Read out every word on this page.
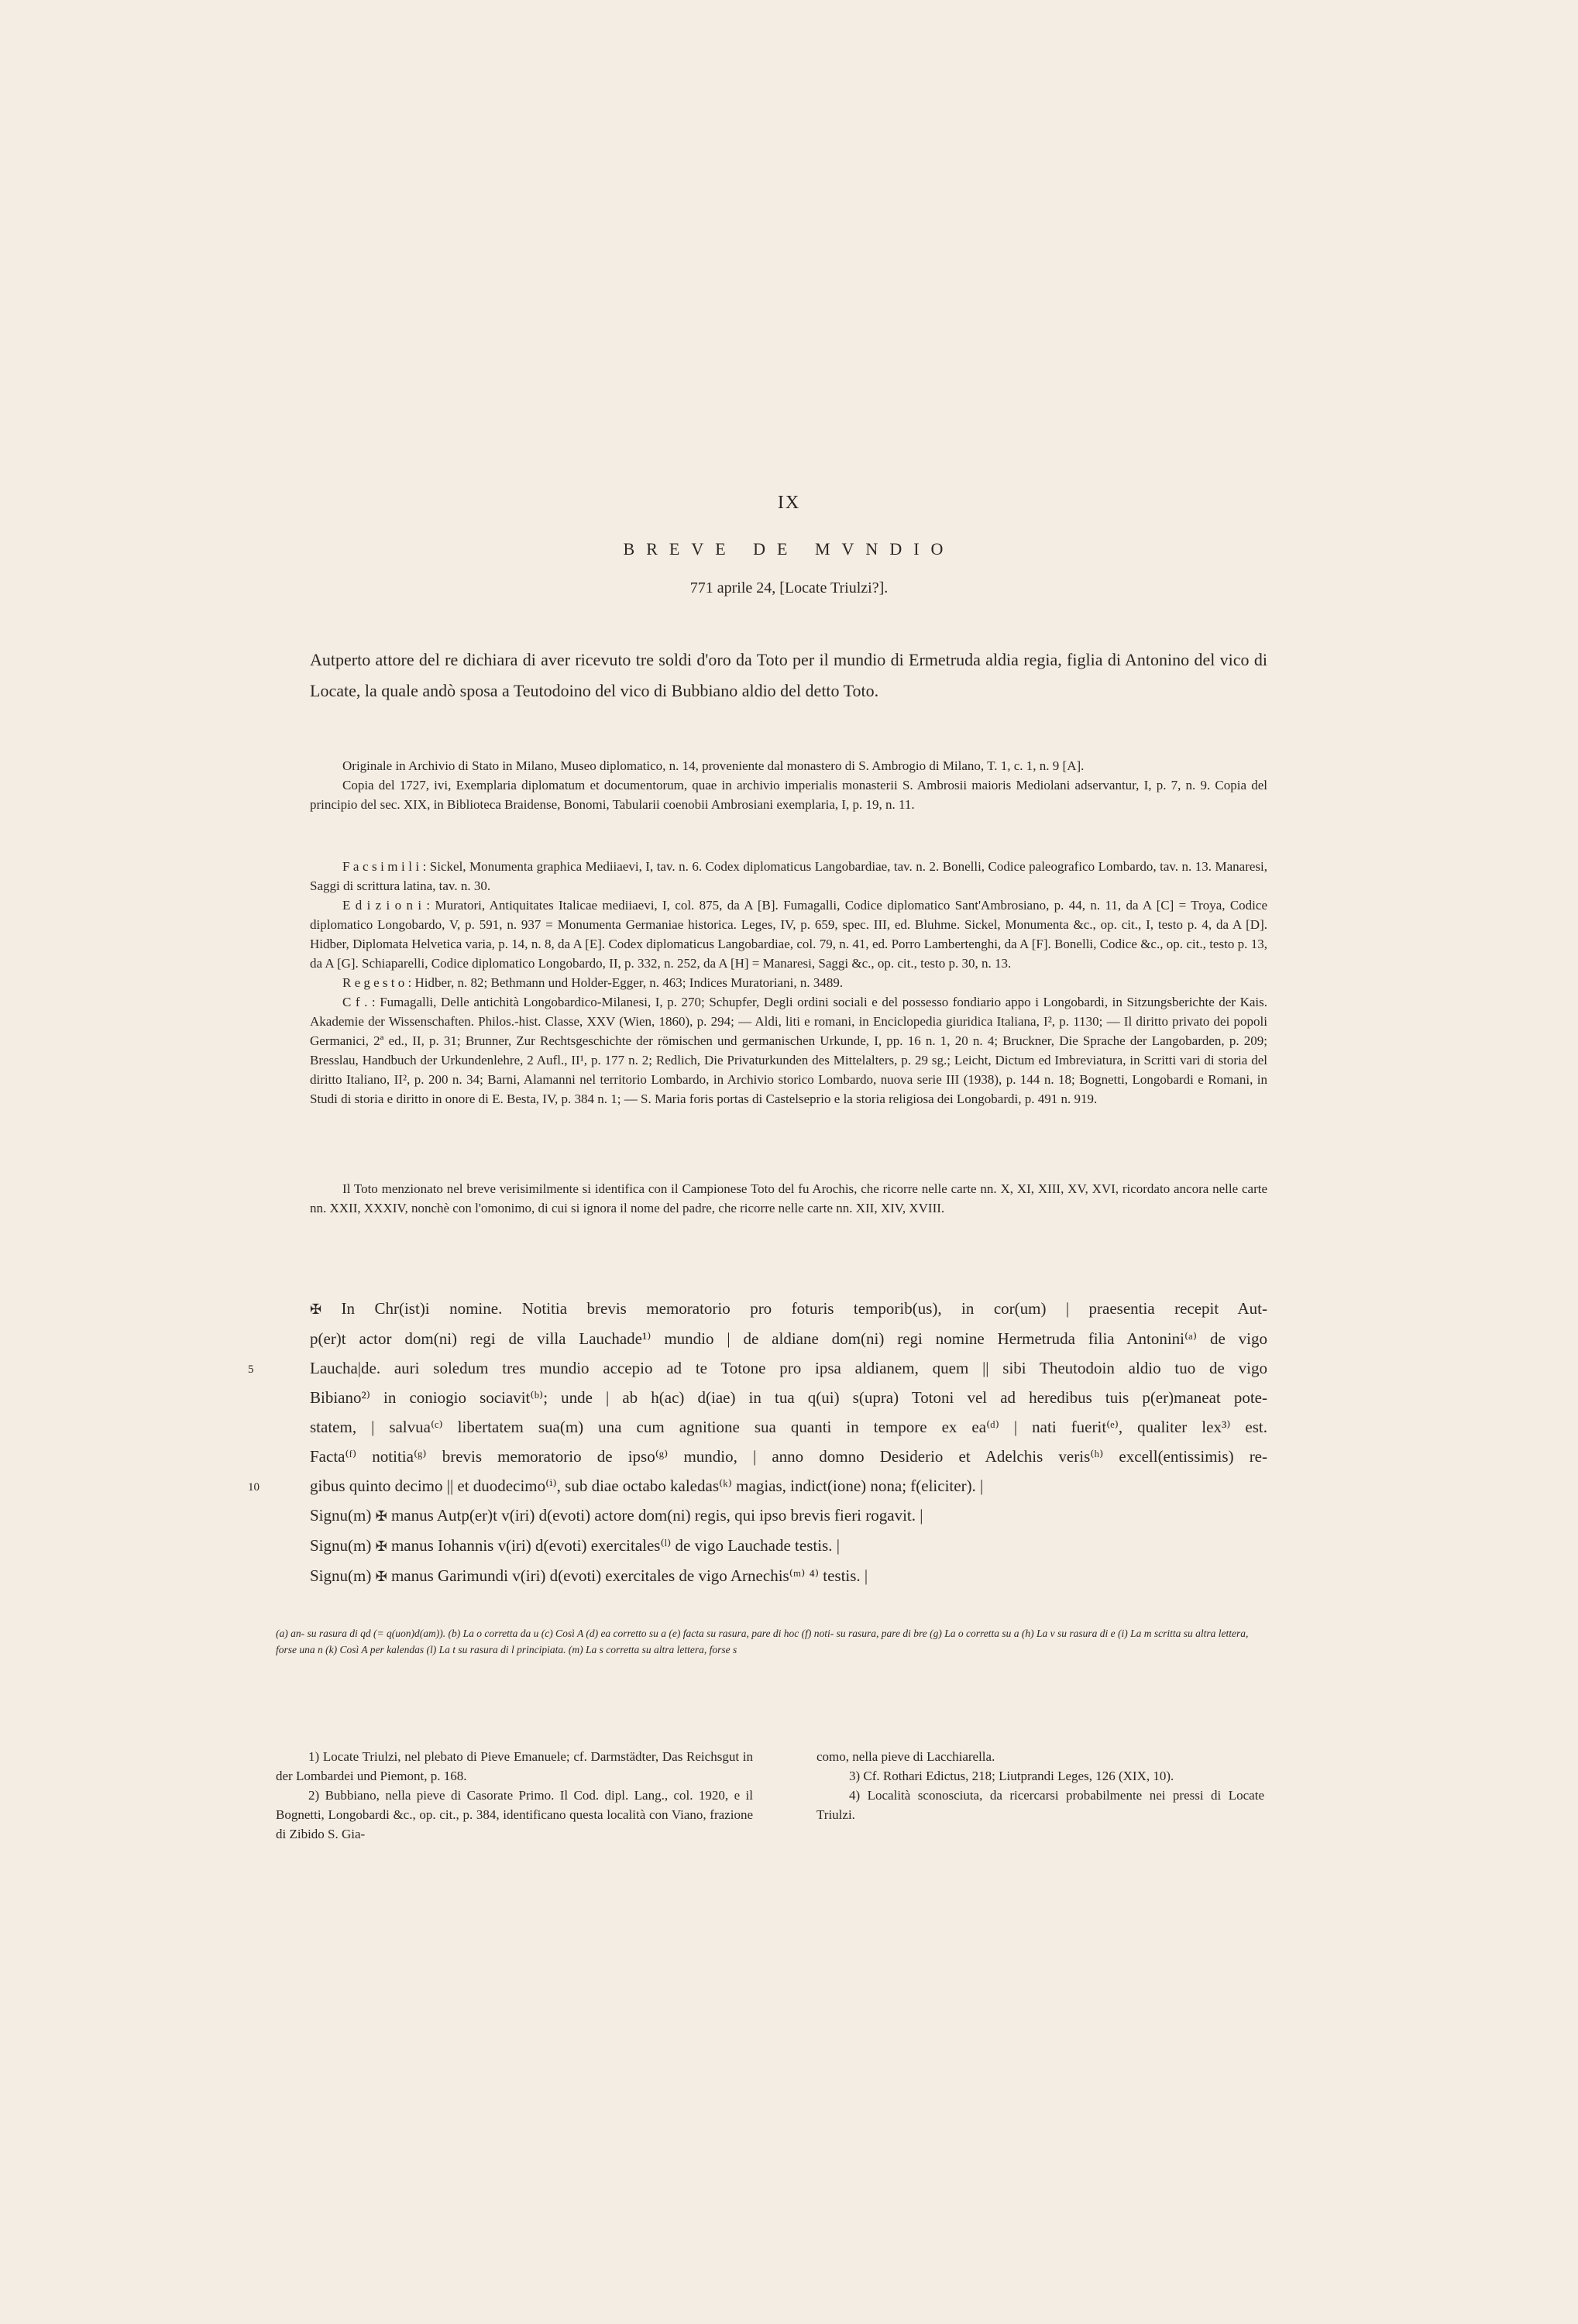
IX
BREVE DE MVNDIO
771 aprile 24, [Locate Triulzi?].
Autperto attore del re dichiara di aver ricevuto tre soldi d'oro da Toto per il mundio di Ermetruda aldia regia, figlia di Antonino del vico di Locate, la quale andò sposa a Teutodoino del vico di Bubbiano aldio del detto Toto.

Originale in Archivio di Stato in Milano, Museo diplomatico, n. 14, proveniente dal monastero di S. Ambrogio di Milano, T. 1, c. 1, n. 9 [A].

Copia del 1727, ivi, Exemplaria diplomatum et documentorum, quae in archivio imperialis monasterii S. Ambrosii maioris Mediolani adservantur, I, p. 7, n. 9. Copia del principio del sec. XIX, in Biblioteca Braidense, Bonomi, Tabularii coenobii Ambrosiani exemplaria, I, p. 19, n. 11.

F a c s i m i l i : Sickel, Monumenta graphica Mediiaevi, I, tav. n. 6. Codex diplomaticus Langobardiae, tav. n. 2. Bonelli, Codice paleografico Lombardo, tav. n. 13. Manaresi, Saggi di scrittura latina, tav. n. 30.

E d i z i o n i : Muratori, Antiquitates Italicae mediiaevi, I, col. 875, da A [B]. Fumagalli, Codice diplomatico Sant'Ambrosiano, p. 44, n. 11, da A [C] = Troya, Codice diplomatico Longobardo, V, p. 591, n. 937 = Monumenta Germaniae historica. Leges, IV, p. 659, spec. III, ed. Bluhme. Sickel, Monumenta &c., op. cit., I, testo p. 4, da A [D]. Hidber, Diplomata Helvetica varia, p. 14, n. 8, da A [E]. Codex diplomaticus Langobardiae, col. 79, n. 41, ed. Porro Lambertenghi, da A [F]. Bonelli, Codice &c., op. cit., testo p. 13, da A [G]. Schiaparelli, Codice diplomatico Longobardo, II, p. 332, n. 252, da A [H] = Manaresi, Saggi &c., op. cit., testo p. 30, n. 13.

R e g e s t o : Hidber, n. 82; Bethmann und Holder-Egger, n. 463; Indices Muratoriani, n. 3489.

C f . : Fumagalli, Delle antichità Longobardico-Milanesi, I, p. 270; Schupfer, Degli ordini sociali e del possesso fondiario appo i Longobardi, in Sitzungsberichte der Kais. Akademie der Wissenschaften. Philos.-hist. Classe, XXV (Wien, 1860), p. 294; — Aldi, liti e romani, in Enciclopedia giuridica Italiana, I², p. 1130; — Il diritto privato dei popoli Germanici, 2ª ed., II, p. 31; Brunner, Zur Rechtsgeschichte der römischen und germanischen Urkunde, I, pp. 16 n. 1, 20 n. 4; Bruckner, Die Sprache der Langobarden, p. 209; Bresslau, Handbuch der Urkundenlehre, 2 Aufl., II¹, p. 177 n. 2; Redlich, Die Privaturkunden des Mittelalters, p. 29 sg.; Leicht, Dictum ed Imbreviatura, in Scritti vari di storia del diritto Italiano, II², p. 200 n. 34; Barni, Alamanni nel territorio Lombardo, in Archivio storico Lombardo, nuova serie III (1938), p. 144 n. 18; Bognetti, Longobardi e Romani, in Studi di storia e diritto in onore di E. Besta, IV, p. 384 n. 1; — S. Maria foris portas di Castelseprio e la storia religiosa dei Longobardi, p. 491 n. 919.

Il Toto menzionato nel breve verisimilmente si identifica con il Campionese Toto del fu Arochis, che ricorre nelle carte nn. X, XI, XIII, XV, XVI, ricordato ancora nelle carte nn. XXII, XXXIV, nonchè con l'omonimo, di cui si ignora il nome del padre, che ricorre nelle carte nn. XII, XIV, XVIII.

✠ In Chr(ist)i nomine. Notitia brevis memoratorio pro foturis temporib(us), in cor(um) | praesentia recepit Aut-
p(er)t actor dom(ni) regi de villa Lauchade¹⁾ mundio | de aldiane dom(ni) regi nomine Hermetruda filia Antonini⁽ᵃ⁾ de vigo
5	Laucha|de. auri soledum tres mundio accepio ad te Totone pro ipsa aldianem, quem || sibi Theutodoin aldio tuo de vigo
Bibiano²⁾ in coniogio sociavit⁽ᵇ⁾; unde | ab h(ac) d(iae) in tua q(ui) s(upra) Totoni vel ad heredibus tuis p(er)maneat pote-
statem, | salvua⁽ᶜ⁾ libertatem sua(m) una cum agnitione sua quanti in tempore ex ea⁽ᵈ⁾ | nati fuerit⁽ᵉ⁾, qualiter lex³⁾ est.
Facta⁽ᶠ⁾ notitia⁽ᵍ⁾ brevis memoratorio de ipso⁽ᵍ⁾ mundio, | anno domno Desiderio et Adelchis veris⁽ʰ⁾ excell(entissimis) re-
10	gibus quinto decimo || et duodecimo⁽ⁱ⁾, sub diae octabo kaledas⁽ᵏ⁾ magias, indict(ione) nona; f(eliciter). |
Signu(m) ✠ manus Autp(er)t v(iri) d(evoti) actore dom(ni) regis, qui ipso brevis fieri rogavit. |
Signu(m) ✠ manus Iohannis v(iri) d(evoti) exercitales⁽ˡ⁾ de vigo Lauchade testis. |
Signu(m) ✠ manus Garimundi v(iri) d(evoti) exercitales de vigo Arnechis⁽ᵐ⁾ ⁴⁾ testis. |
(a) an- su rasura di qd (= q(uon)d(am)). (b) La o corretta da u (c) Così A (d) ea corretto su a (e) facta su rasura, pare di hoc (f) noti- su rasura, pare di bre (g) La o corretta su a (h) La v su rasura di e (i) La m scritta su altra lettera, forse una n (k) Così A per kalendas (l) La t su rasura di l principiata. (m) La s corretta su altra lettera, forse s

1) Locate Triulzi, nel plebato di Pieve Emanuele; cf. Darmstädter, Das Reichsgut in der Lombardei und Piemont, p. 168.

2) Bubbiano, nella pieve di Casorate Primo. Il Cod. dipl. Lang., col. 1920, e il Bognetti, Longobardi &c., op. cit., p. 384, identificano questa località con Viano, frazione di Zibido S. Gia-

como, nella pieve di Lacchiarella.

3) Cf. Rothari Edictus, 218; Liutprandi Leges, 126 (XIX, 10).

4) Località sconosciuta, da ricercarsi probabilmente nei pressi di Locate Triulzi.
